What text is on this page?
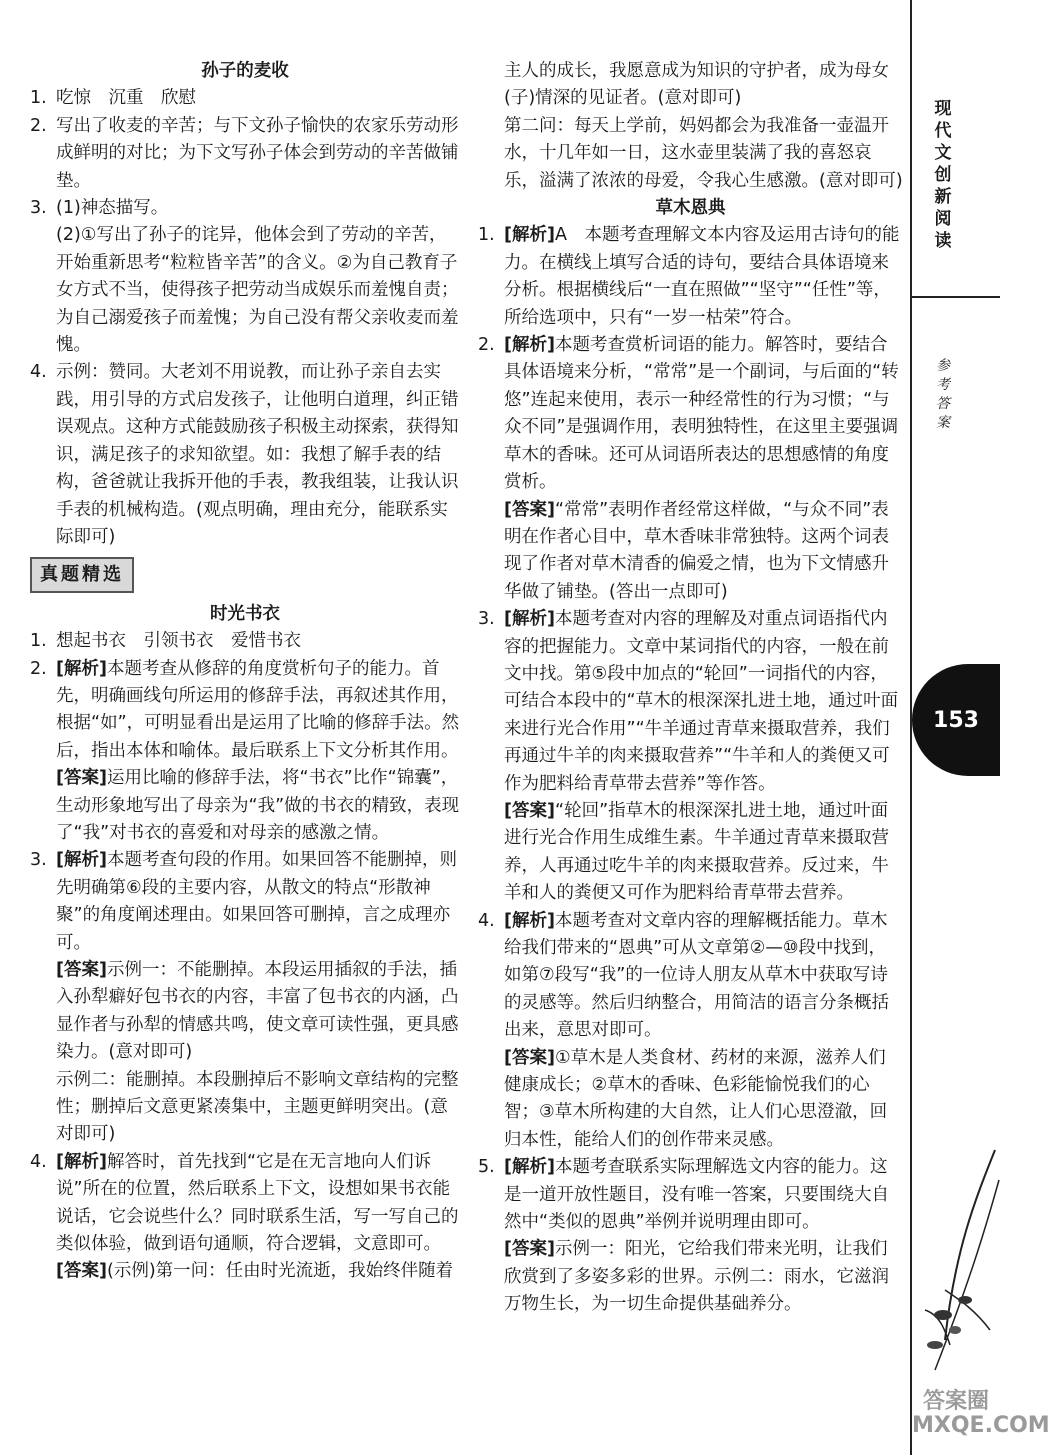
孙子的麦收

1. 吃惊　沉重　欣慰

2. 写出了收麦的辛苦；与下文孙子愉快的农家乐劳动形成鲜明的对比；为下文写孙子体会到劳动的辛苦做铺垫。

3. (1)神态描写。

(2)①写出了孙子的诧异，他体会到了劳动的辛苦，开始重新思考“粒粒皆辛苦”的含义。②为自己教育子女方式不当，使得孩子把劳动当成娱乐而羞愧自责；为自己溺爱孩子而羞愧；为自己没有帮父亲收麦而羞愧。

4. 示例：赞同。大老刘不用说教，而让孙子亲自去实践，用引导的方式启发孩子，让他明白道理，纠正错误观点。这种方式能鼓励孩子积极主动探索，获得知识，满足孩子的求知欲望。如：我想了解手表的结构，爸爸就让我拆开他的手表，教我组装，让我认识手表的机械构造。(观点明确，理由充分，能联系实际即可)

真题精选

时光书衣

1. 想起书衣　引领书衣　爱惜书衣

2. [解析]本题考查从修辞的角度赏析句子的能力。首先，明确画线句所运用的修辞手法，再叙述其作用，根据“如”，可明显看出是运用了比喻的修辞手法。然后，指出本体和喻体。最后联系上下文分析其作用。

[答案]运用比喻的修辞手法，将“书衣”比作“锦囊”，生动形象地写出了母亲为“我”做的书衣的精致，表现了“我”对书衣的喜爱和对母亲的感激之情。

3. [解析]本题考查句段的作用。如果回答不能删掉，则先明确第⑥段的主要内容，从散文的特点“形散神聚”的角度阐述理由。如果回答可删掉，言之成理亦可。

[答案]示例一：不能删掉。本段运用插叙的手法，插入孙犁癖好包书衣的内容，丰富了包书衣的内涵，凸显作者与孙犁的情感共鸣，使文章可读性强，更具感染力。(意对即可)

示例二：能删掉。本段删掉后不影响文章结构的完整性；删掉后文意更紧凑集中，主题更鲜明突出。(意对即可)

4. [解析]解答时，首先找到“它是在无言地向人们诉说”所在的位置，然后联系上下文，设想如果书衣能说话，它会说些什么？同时联系生活，写一写自己的类似体验，做到语句通顺，符合逻辑，文意即可。

[答案](示例)第一问：任由时光流逝，我始终伴随着

主人的成长，我愿意成为知识的守护者，成为母女(子)情深的见证者。(意对即可)

第二问：每天上学前，妈妈都会为我准备一壶温开水，十几年如一日，这水壶里装满了我的喜怒哀乐，溢满了浓浓的母爱，令我心生感激。(意对即可)

草木恩典

1. [解析]A　本题考查理解文本内容及运用古诗句的能力。在横线上填写合适的诗句，要结合具体语境来分析。根据横线后“一直在照做”“坚守”“任性”等，所给选项中，只有“一岁一枯荣”符合。

2. [解析]本题考查赏析词语的能力。解答时，要结合具体语境来分析，“常常”是一个副词，与后面的“转悠”连起来使用，表示一种经常性的行为习惯；“与众不同”是强调作用，表明独特性，在这里主要强调草木的香味。还可从词语所表达的思想感情的角度赏析。

[答案]“常常”表明作者经常这样做，“与众不同”表明在作者心目中，草木香味非常独特。这两个词表现了作者对草木清香的偏爱之情，也为下文情感升华做了铺垫。(答出一点即可)

3. [解析]本题考查对内容的理解及对重点词语指代内容的把握能力。文章中某词指代的内容，一般在前文中找。第⑤段中加点的“轮回”一词指代的内容，可结合本段中的“草木的根深深扎进土地，通过叶面来进行光合作用”“牛羊通过青草来摄取营养，我们再通过牛羊的肉来摄取营养”“牛羊和人的粪便又可作为肥料给青草带去营养”等作答。

[答案]“轮回”指草木的根深深扎进土地，通过叶面进行光合作用生成维生素。牛羊通过青草来摄取营养，人再通过吃牛羊的肉来摄取营养。反过来，牛羊和人的粪便又可作为肥料给青草带去营养。

4. [解析]本题考查对文章内容的理解概括能力。草木给我们带来的“恩典”可从文章第②—⑩段中找到，如第⑦段写“我”的一位诗人朋友从草木中获取写诗的灵感等。然后归纳整合，用简洁的语言分条概括出来，意思对即可。

[答案]①草木是人类食材、药材的来源，滋养人们健康成长；②草木的香味、色彩能愉悦我们的心智；③草木所构建的大自然，让人们心思澄澈，回归本性，能给人们的创作带来灵感。

5. [解析]本题考查联系实际理解选文内容的能力。这是一道开放性题目，没有唯一答案，只要围绕大自然中“类似的恩典”举例并说明理由即可。

[答案]示例一：阳光，它给我们带来光明，让我们欣赏到了多姿多彩的世界。示例二：雨水，它滋润万物生长，为一切生命提供基础养分。

现
代
文
创
新
阅
读
参
考
答
案
153
答案圈
MXQE.COM
